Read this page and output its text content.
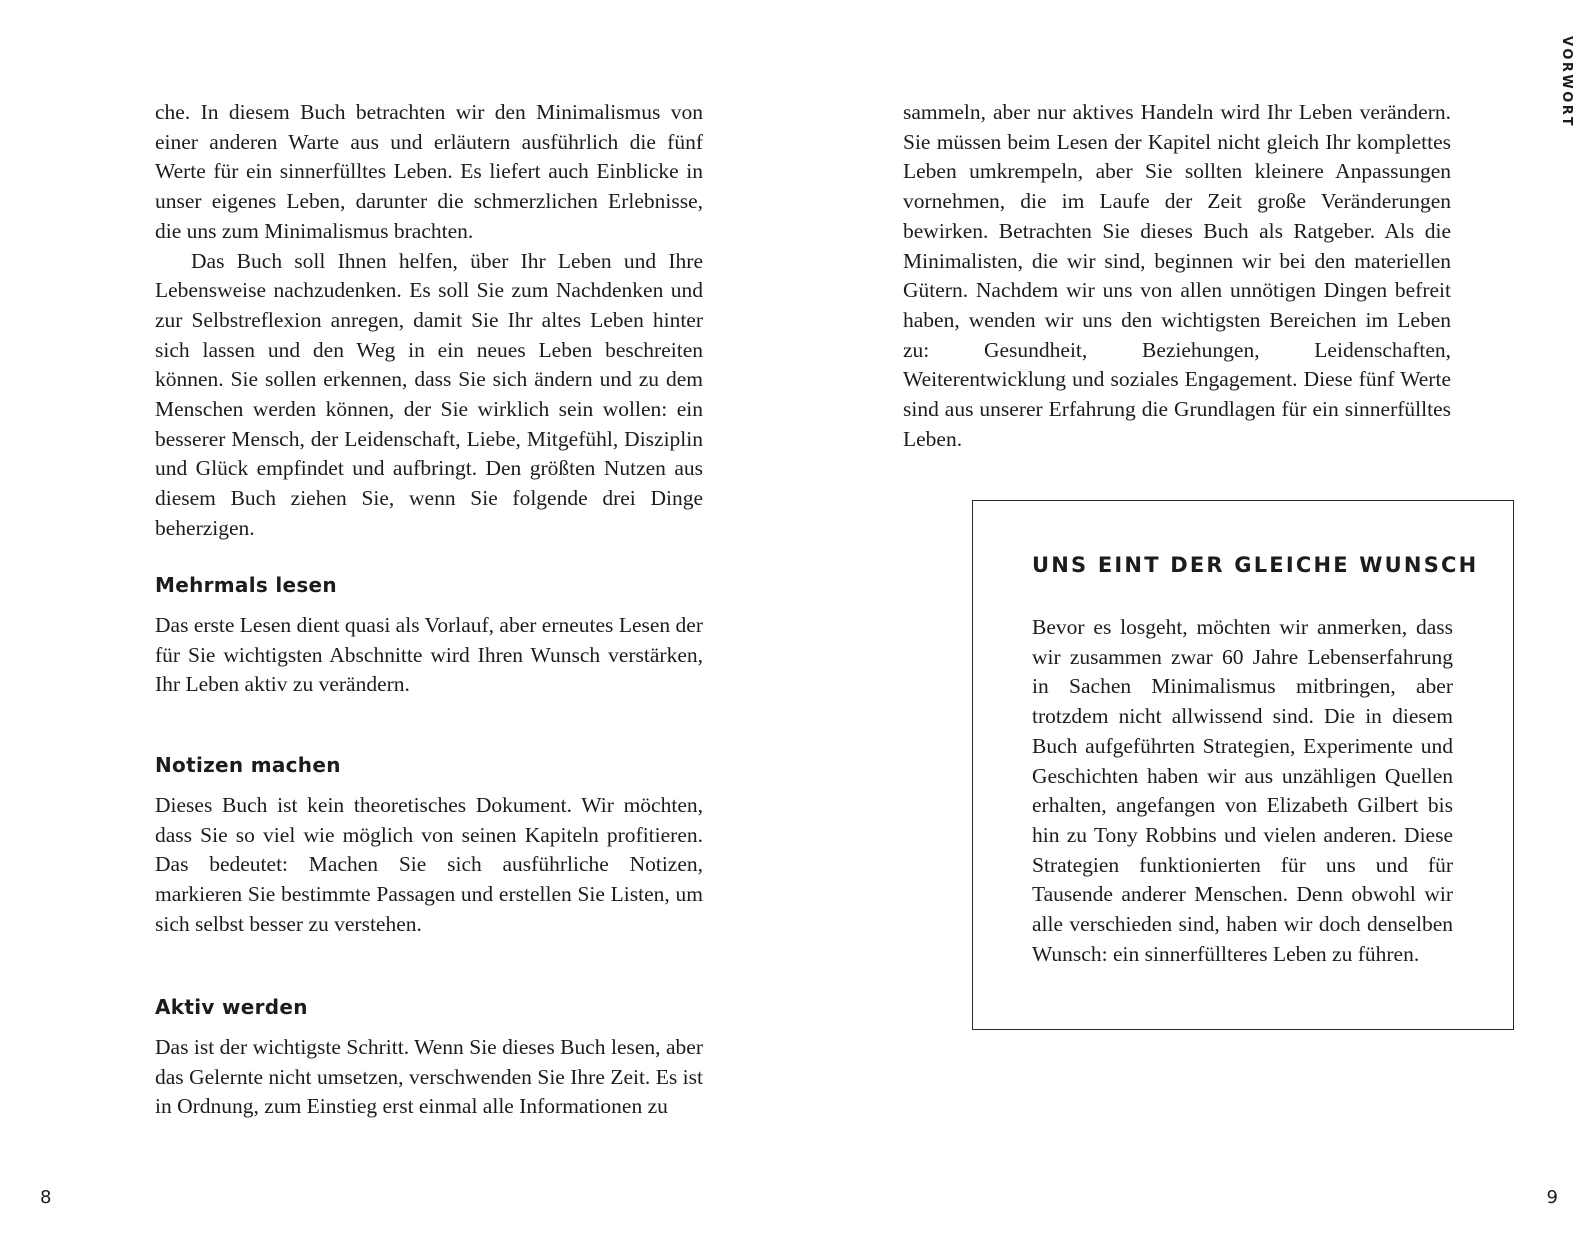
che. In diesem Buch betrachten wir den Minimalismus von einer anderen Warte aus und erläutern ausführlich die fünf Werte für ein sinnerfülltes Leben. Es liefert auch Einblicke in unser eigenes Leben, darunter die schmerzlichen Erlebnisse, die uns zum Minimalismus brachten.

Das Buch soll Ihnen helfen, über Ihr Leben und Ihre Lebensweise nachzudenken. Es soll Sie zum Nachdenken und zur Selbstreflexion anregen, damit Sie Ihr altes Leben hinter sich lassen und den Weg in ein neues Leben beschreiten können. Sie sollen erkennen, dass Sie sich ändern und zu dem Menschen werden können, der Sie wirklich sein wollen: ein besserer Mensch, der Leidenschaft, Liebe, Mitgefühl, Disziplin und Glück empfindet und aufbringt. Den größten Nutzen aus diesem Buch ziehen Sie, wenn Sie folgende drei Dinge beherzigen.

Mehrmals lesen

Das erste Lesen dient quasi als Vorlauf, aber erneutes Lesen der für Sie wichtigsten Abschnitte wird Ihren Wunsch verstärken, Ihr Leben aktiv zu verändern.

Notizen machen

Dieses Buch ist kein theoretisches Dokument. Wir möchten, dass Sie so viel wie möglich von seinen Kapiteln profitieren. Das bedeutet: Machen Sie sich ausführliche Notizen, markieren Sie bestimmte Passagen und erstellen Sie Listen, um sich selbst besser zu verstehen.

Aktiv werden

Das ist der wichtigste Schritt. Wenn Sie dieses Buch lesen, aber das Gelernte nicht umsetzen, verschwenden Sie Ihre Zeit. Es ist in Ordnung, zum Einstieg erst einmal alle Informationen zu

8
VORWORT

sammeln, aber nur aktives Handeln wird Ihr Leben verändern. Sie müssen beim Lesen der Kapitel nicht gleich Ihr komplettes Leben umkrempeln, aber Sie sollten kleinere Anpassungen vornehmen, die im Laufe der Zeit große Veränderungen bewirken. Betrachten Sie dieses Buch als Ratgeber. Als die Minimalisten, die wir sind, beginnen wir bei den materiellen Gütern. Nachdem wir uns von allen unnötigen Dingen befreit haben, wenden wir uns den wichtigsten Bereichen im Leben zu: Gesundheit, Beziehungen, Leidenschaften, Weiterentwicklung und soziales Engagement. Diese fünf Werte sind aus unserer Erfahrung die Grundlagen für ein sinnerfülltes Leben.

UNS EINT DER GLEICHE WUNSCH

Bevor es losgeht, möchten wir anmerken, dass wir zusammen zwar 60 Jahre Lebenserfahrung in Sachen Minimalismus mitbringen, aber trotzdem nicht allwissend sind. Die in diesem Buch aufgeführten Strategien, Experimente und Geschichten haben wir aus unzähligen Quellen erhalten, angefangen von Elizabeth Gilbert bis hin zu Tony Robbins und vielen anderen. Diese Strategien funktionierten für uns und für Tausende anderer Menschen. Denn obwohl wir alle verschieden sind, haben wir doch denselben Wunsch: ein sinnerfüllteres Leben zu führen.

9
